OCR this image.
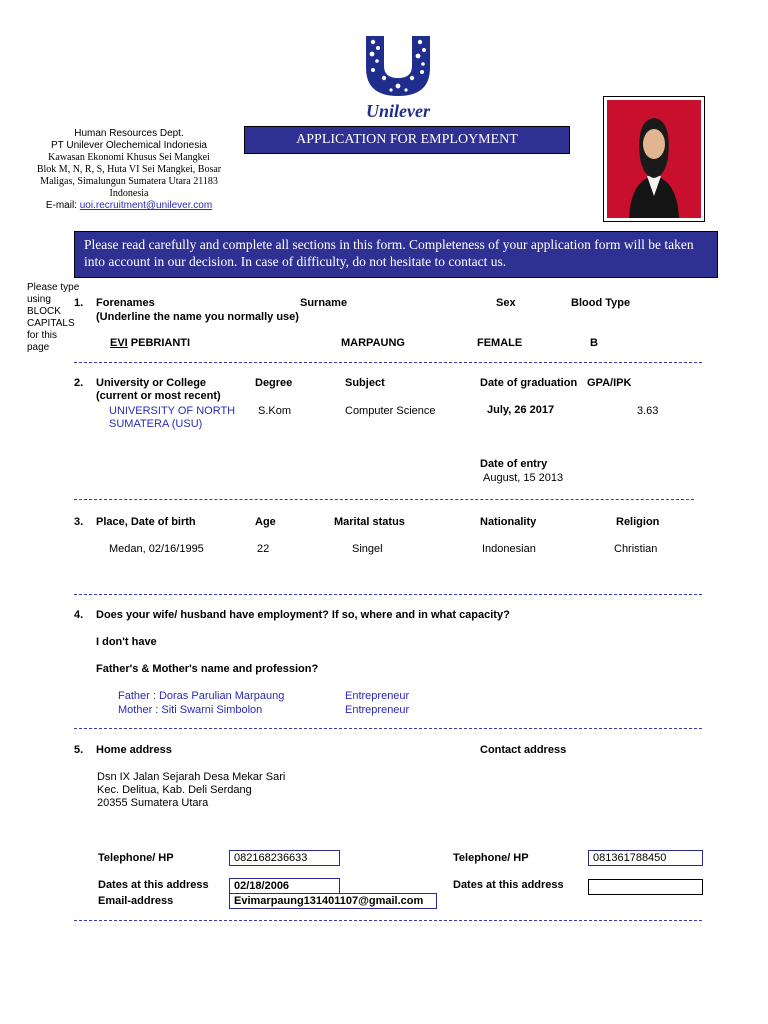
Unilever
Human Resources Dept.
PT Unilever Olechemical Indonesia
Kawasan Ekonomi Khusus Sei Mangkei
Blok M, N, R, S, Huta VI Sei Mangkei, Bosar
Maligas, Simalungun Sumatera Utara 21183
Indonesia
E-mail: uoi.recruitment@unilever.com
APPLICATION FOR EMPLOYMENT
Please read carefully and complete all sections in this form. Completeness of your application form will be taken into account in our decision. In case of difficulty, do not hesitate to contact us.
Please type
using
BLOCK
CAPITALS
for this
page
1. Forenames
(Underline the name you normally use)
Surname	Sex	Blood Type
EVI PEBRIANTI	MARPAUNG	FEMALE	B
2. University or College
(current or most recent)
Degree	Subject	Date of graduation GPA/IPK
UNIVERSITY OF NORTH
SUMATERA (USU)
S.Kom	Computer Science	July, 26 2017	3.63
Date of entry
August, 15 2013
3. Place, Date of birth	Age	Marital status	Nationality	Religion
Medan, 02/16/1995	22	Singel	Indonesian	Christian
4. Does your wife/ husband have employment? If so, where and in what capacity?
I don't have
Father's & Mother's name and profession?
Father : Doras Parulian Marpaung	Entrepreneur
Mother : Siti Swarni Simbolon	Entrepreneur
5. Home address	Contact address
Dsn IX Jalan Sejarah Desa Mekar Sari
Kec. Delitua, Kab. Deli Serdang
20355 Sumatera Utara
Telephone/ HP	082168236633	Telephone/ HP	081361788450
Dates at this address	02/18/2006	Dates at this address
Email-address	Evimarpaung131401107@gmail.com
